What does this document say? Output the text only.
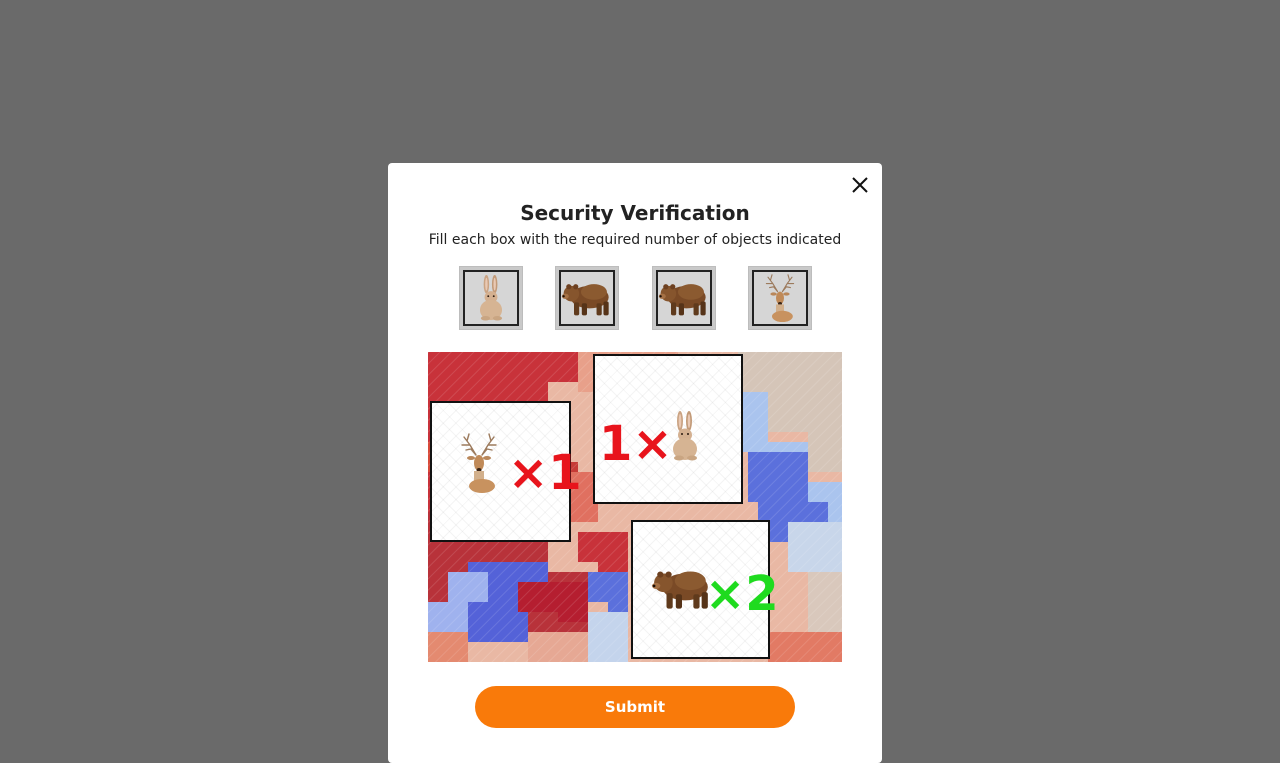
Security Verification
Fill each box with the required number of objects indicated
×1
1×
×2
Submit
